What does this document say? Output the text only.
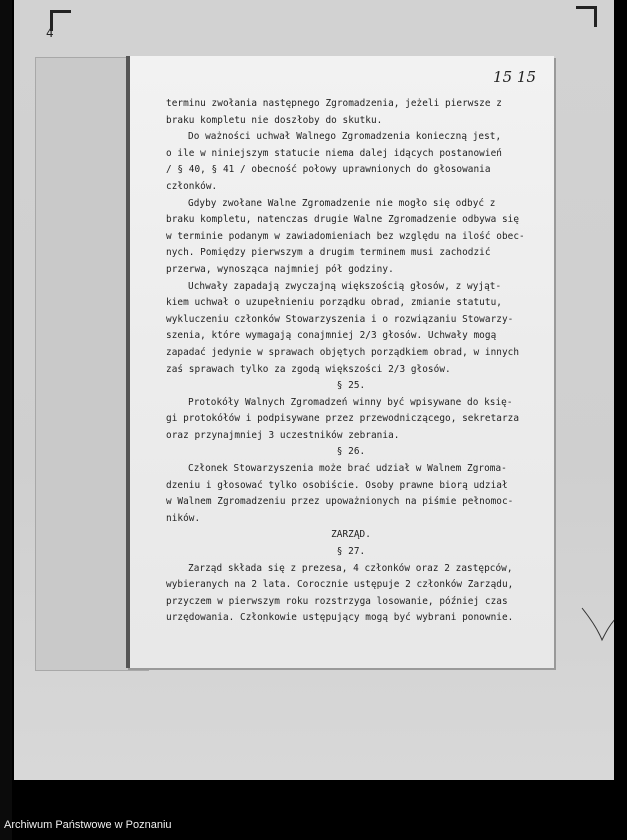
4
15 15
terminu zwołania następnego Zgromadzenia, jeżeli pierwsze z
braku kompletu nie doszłoby do skutku.
Do ważności uchwał Walnego Zgromadzenia konieczną jest,
o ile w niniejszym statucie niema dalej idących postanowień
/ § 40, § 41 / obecność połowy uprawnionych do głosowania
członków.
Gdyby zwołane Walne Zgromadzenie nie mogło się odbyć z
braku kompletu, natenczas drugie Walne Zgromadzenie odbywa się
w terminie podanym w zawiadomieniach bez względu na ilość obec-
nych. Pomiędzy pierwszym a drugim terminem musi zachodzić
przerwa, wynosząca najmniej pół godziny.
Uchwały zapadają zwyczajną większością głosów, z wyjąt-
kiem uchwał o uzupełnieniu porządku obrad, zmianie statutu,
wykluczeniu członków Stowarzyszenia i o rozwiązaniu Stowarzy-
szenia, które wymagają conajmniej 2/3 głosów. Uchwały mogą
zapadać jedynie w sprawach objętych porządkiem obrad, w innych
zaś sprawach tylko za zgodą większości 2/3 głosów.
§ 25.
Protokóły Walnych Zgromadzeń winny być wpisywane do księ-
gi protokółów i podpisywane przez przewodniczącego, sekretarza
oraz przynajmniej 3 uczestników zebrania.
§ 26.
Członek Stowarzyszenia może brać udział w Walnem Zgroma-
dzeniu i głosować tylko osobiście. Osoby prawne biorą udział
w Walnem Zgromadzeniu przez upoważnionych na piśmie pełnomoc-
ników.
ZARZĄD.
§ 27.
Zarząd składa się z prezesa, 4 członków oraz 2 zastępców,
wybieranych na 2 lata. Corocznie ustępuje 2 członków Zarządu,
przyczem w pierwszym roku rozstrzyga losowanie, później czas
urzędowania. Członkowie ustępujący mogą być wybrani ponownie.
Archiwum Państwowe w Poznaniu
